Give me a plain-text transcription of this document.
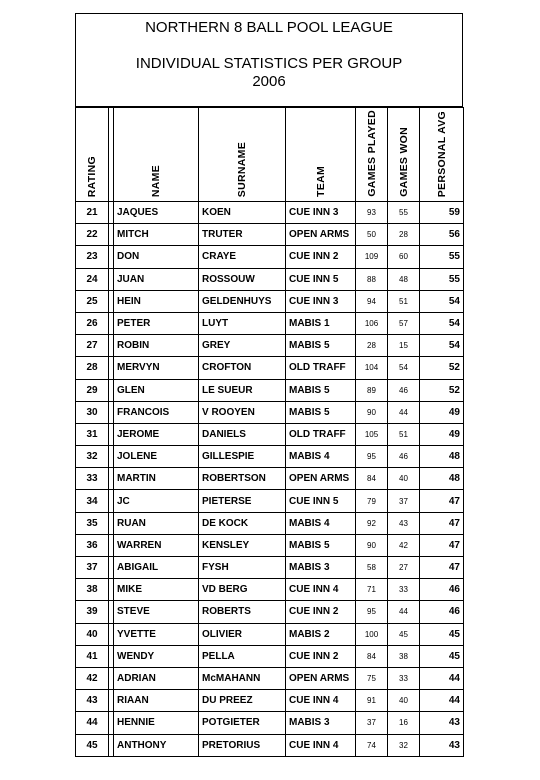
NORTHERN 8 BALL POOL LEAGUE
INDIVIDUAL STATISTICS PER GROUP
2006
RATING		NAME	SURNAME	TEAM	GAMES PLAYED	GAMES WON	PERSONAL AVG

21		JAQUES	KOEN	CUE INN 3	93	55	59
22		MITCH	TRUTER	OPEN ARMS	50	28	56
23		DON	CRAYE	CUE INN 2	109	60	55
24		JUAN	ROSSOUW	CUE INN 5	88	48	55
25		HEIN	GELDENHUYS	CUE INN 3	94	51	54
26		PETER	LUYT	MABIS 1	106	57	54
27		ROBIN	GREY	MABIS 5	28	15	54
28		MERVYN	CROFTON	OLD TRAFF	104	54	52
29		GLEN	LE SUEUR	MABIS 5	89	46	52
30		FRANCOIS	V ROOYEN	MABIS 5	90	44	49
31		JEROME	DANIELS	OLD TRAFF	105	51	49
32		JOLENE	GILLESPIE	MABIS 4	95	46	48
33		MARTIN	ROBERTSON	OPEN ARMS	84	40	48
34		JC	PIETERSE	CUE INN 5	79	37	47
35		RUAN	DE KOCK	MABIS 4	92	43	47
36		WARREN	KENSLEY	MABIS 5	90	42	47
37		ABIGAIL	FYSH	MABIS 3	58	27	47
38		MIKE	VD BERG	CUE INN 4	71	33	46
39		STEVE	ROBERTS	CUE INN 2	95	44	46
40		YVETTE	OLIVIER	MABIS 2	100	45	45
41		WENDY	PELLA	CUE INN 2	84	38	45
42		ADRIAN	McMAHANN	OPEN ARMS	75	33	44
43		RIAAN	DU PREEZ	CUE INN 4	91	40	44
44		HENNIE	POTGIETER	MABIS 3	37	16	43
45		ANTHONY	PRETORIUS	CUE INN 4	74	32	43
